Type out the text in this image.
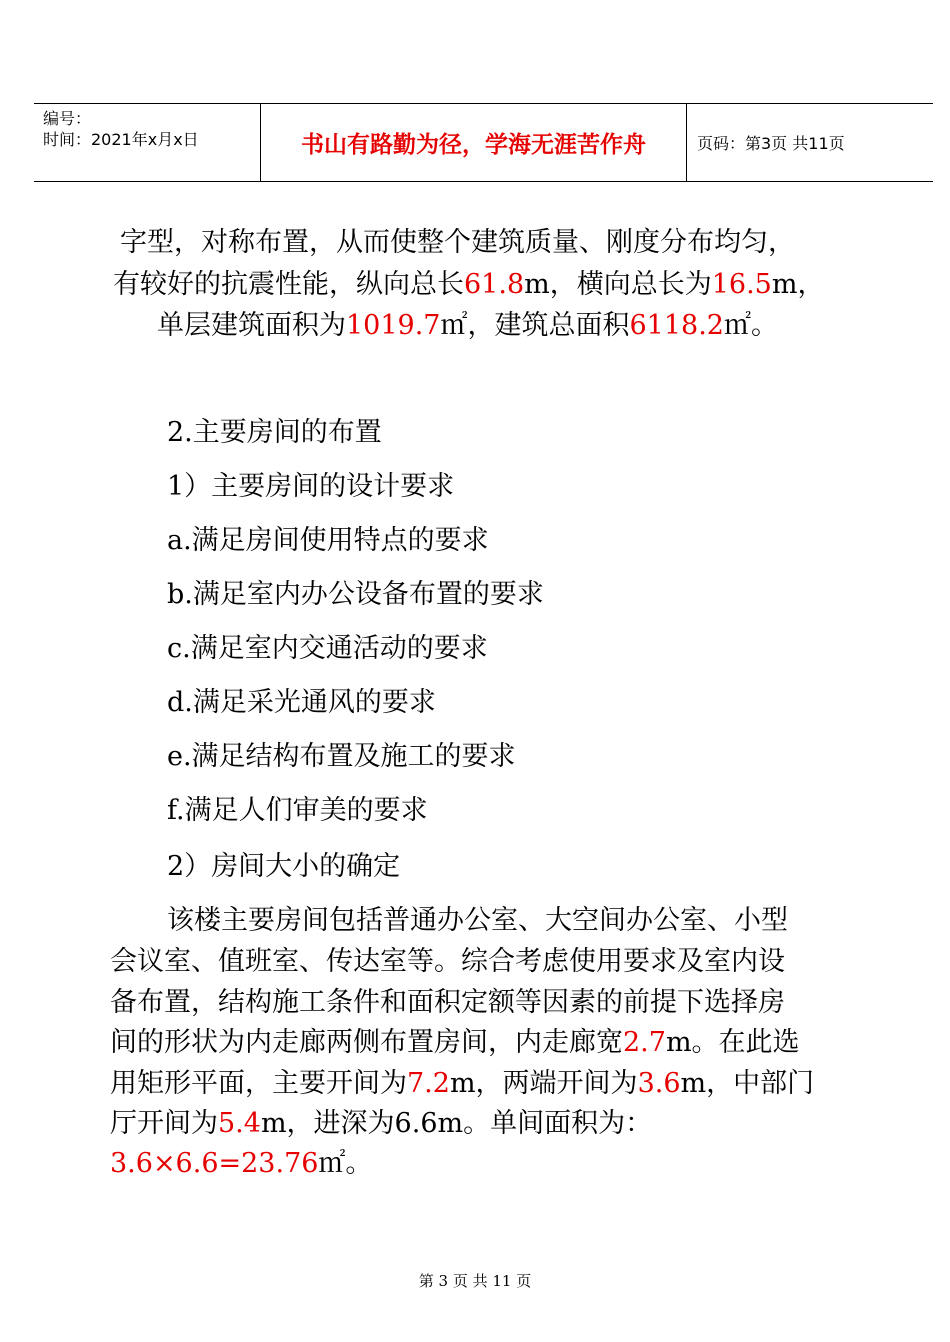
编号：
时间：2021年x月x日	书山有路勤为径，学海无涯苦作舟	页码：第3页 共11页
字型，对称布置，从而使整个建筑质量、刚度分布均匀，
有较好的抗震性能，纵向总长61.8m，横向总长为16.5m，
单层建筑面积为1019.7㎡，建筑总面积6118.2㎡。
2.主要房间的布置
1）主要房间的设计要求
a.满足房间使用特点的要求
b.满足室内办公设备布置的要求
c.满足室内交通活动的要求
d.满足采光通风的要求
e.满足结构布置及施工的要求
f.满足人们审美的要求
2）房间大小的确定
该楼主要房间包括普通办公室、大空间办公室、小型
会议室、值班室、传达室等。综合考虑使用要求及室内设
备布置，结构施工条件和面积定额等因素的前提下选择房
间的形状为内走廊两侧布置房间，内走廊宽2.7m。在此选
用矩形平面，主要开间为7.2m，两端开间为3.6m，中部门
厅开间为5.4m，进深为6.6m。单间面积为：
3.6×6.6=23.76㎡。
第 3 页 共 11 页
